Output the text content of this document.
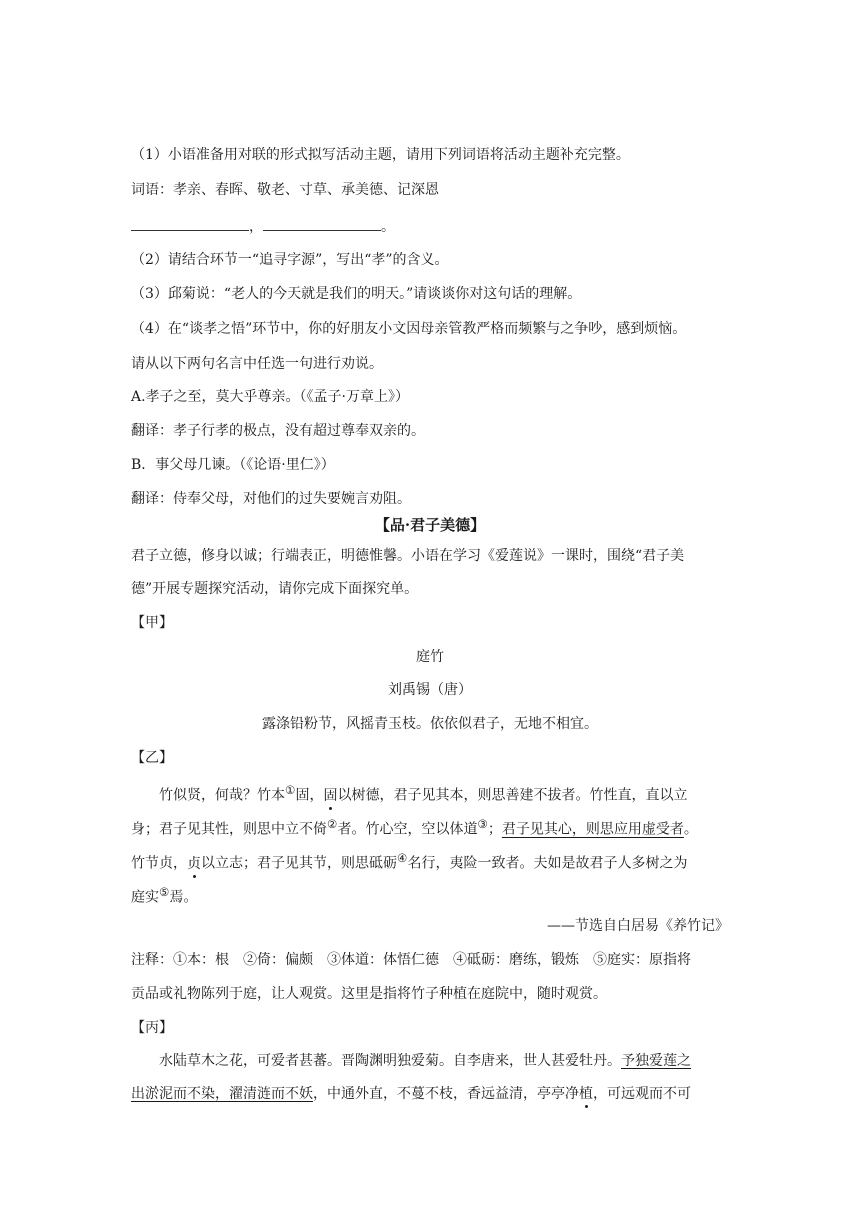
（1）小语准备用对联的形式拟写活动主题，请用下列词语将活动主题补充完整。
词语：孝亲、春晖、敬老、寸草、承美德、记深恩
，	。
（2）请结合环节一“追寻字源”，写出“孝”的含义。
（3）邱菊说：“老人的今天就是我们的明天。”请谈谈你对这句话的理解。
（4）在“谈孝之悟”环节中，你的好朋友小文因母亲管教严格而频繁与之争吵，感到烦恼。
请从以下两句名言中任选一句进行劝说。
A.孝子之至，莫大乎尊亲。（《孟子·万章上》）
翻译：孝子行孝的极点，没有超过尊奉双亲的。
B．事父母几谏。（《论语·里仁》）
翻译：侍奉父母，对他们的过失要婉言劝阻。
【品·君子美德】
君子立德，修身以诚；行端表正，明德惟馨。小语在学习《爱莲说》一课时，围绕“君子美
德”开展专题探究活动，请你完成下面探究单。
【甲】
庭竹
刘禹锡（唐）
露涤铅粉节，风摇青玉枝。依依似君子，无地不相宜。
【乙】
竹似贤，何哉？竹本①固，固以树德，君子见其本，则思善建不拔者。竹性直，直以立
身；君子见其性，则思中立不倚②者。竹心空，空以体道③；君子见其心，则思应用虚受者。
竹节贞，贞以立志；君子见其节，则思砥砺④名行，夷险一致者。夫如是故君子人多树之为
庭实⑤焉。
——节选自白居易《养竹记》
注释：①本：根　②倚：偏颇　③体道：体悟仁德　④砥砺：磨练，锻炼　⑤庭实：原指将
贡品或礼物陈列于庭，让人观赏。这里是指将竹子种植在庭院中，随时观赏。
【丙】
水陆草木之花，可爱者甚蕃。晋陶渊明独爱菊。自李唐来，世人甚爱牡丹。予独爱莲之
出淤泥而不染，濯清涟而不妖，中通外直，不蔓不枝，香远益清，亭亭净植，可远观而不可
